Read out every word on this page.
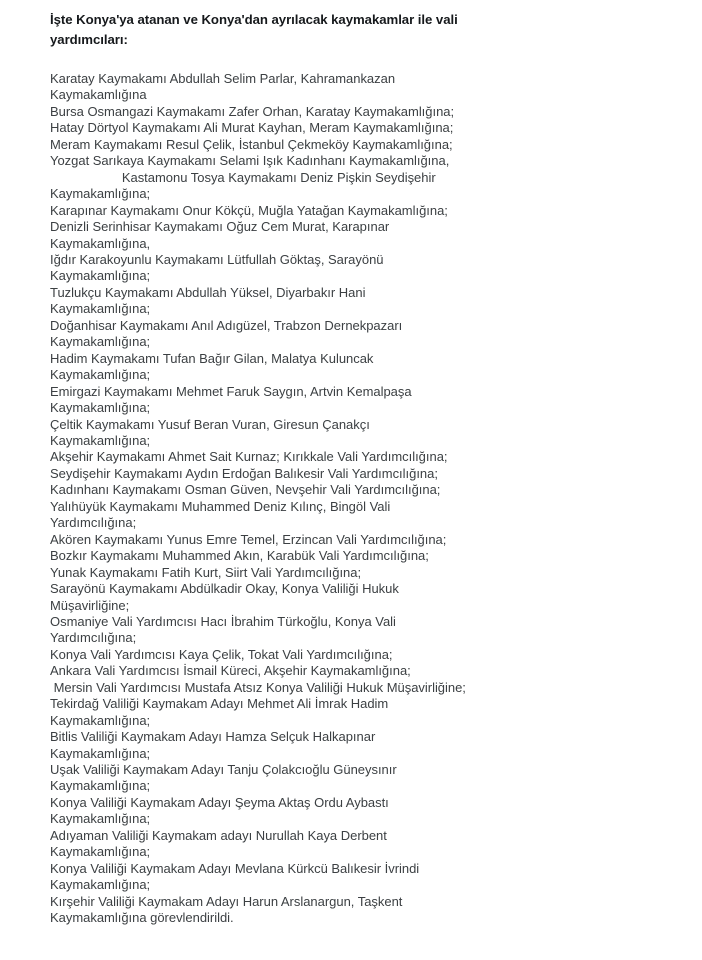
İşte Konya'ya atanan ve Konya'dan ayrılacak kaymakamlar ile vali yardımcıları:
Karatay Kaymakamı Abdullah Selim Parlar, Kahramankazan
Kaymakamlığına
Bursa Osmangazi Kaymakamı Zafer Orhan, Karatay Kaymakamlığına;
Hatay Dörtyol Kaymakamı Ali Murat Kayhan, Meram Kaymakamlığına;
Meram Kaymakamı Resul Çelik, İstanbul Çekmeköy Kaymakamlığına;
Yozgat Sarıkaya Kaymakamı Selami Işık Kadınhanı Kaymakamlığına,
Kastamonu Tosya Kaymakamı Deniz Pişkin Seydişehir
Kaymakamlığına;
Karapınar Kaymakamı Onur Kökçü, Muğla Yatağan Kaymakamlığına;
Denizli Serinhisar Kaymakamı Oğuz Cem Murat, Karapınar
Kaymakamlığına,
Iğdır Karakoyunlu Kaymakamı Lütfullah Göktaş, Sarayönü
Kaymakamlığına;
Tuzlukçu Kaymakamı Abdullah Yüksel, Diyarbakır Hani
Kaymakamlığına;
Doğanhisar Kaymakamı Anıl Adıgüzel, Trabzon Dernekpazarı
Kaymakamlığına;
Hadim Kaymakamı Tufan Bağır Gilan, Malatya Kuluncak
Kaymakamlığına;
Emirgazi Kaymakamı Mehmet Faruk Saygın, Artvin Kemalpaşa
Kaymakamlığına;
Çeltik Kaymakamı Yusuf Beran Vuran, Giresun Çanakçı
Kaymakamlığına;
Akşehir Kaymakamı Ahmet Sait Kurnaz; Kırıkkale Vali Yardımcılığına;
Seydişehir Kaymakamı Aydın Erdoğan Balıkesir Vali Yardımcılığına;
Kadınhanı Kaymakamı Osman Güven, Nevşehir Vali Yardımcılığına;
Yalıhüyük Kaymakamı Muhammed Deniz Kılınç, Bingöl Vali
Yardımcılığına;
Akören Kaymakamı Yunus Emre Temel, Erzincan Vali Yardımcılığına;
Bozkır Kaymakamı Muhammed Akın, Karabük Vali Yardımcılığına;
Yunak Kaymakamı Fatih Kurt, Siirt Vali Yardımcılığına;
Sarayönü Kaymakamı Abdülkadir Okay, Konya Valiliği Hukuk
Müşavirliğine;
Osmaniye Vali Yardımcısı Hacı İbrahim Türkoğlu, Konya Vali
Yardımcılığına;
Konya Vali Yardımcısı Kaya Çelik, Tokat Vali Yardımcılığına;
Ankara Vali Yardımcısı İsmail Küreci, Akşehir Kaymakamlığına;
Mersin Vali Yardımcısı Mustafa Atsız Konya Valiliği Hukuk Müşavirliğine;
Tekirdağ Valiliği Kaymakam Adayı Mehmet Ali İmrak Hadim
Kaymakamlığına;
Bitlis Valiliği Kaymakam Adayı Hamza Selçuk Halkapınar
Kaymakamlığına;
Uşak Valiliği Kaymakam Adayı Tanju Çolakcıoğlu Güneysınır
Kaymakamlığına;
Konya Valiliği Kaymakam Adayı Şeyma Aktaş Ordu Aybastı
Kaymakamlığına;
Adıyaman Valiliği Kaymakam adayı Nurullah Kaya Derbent
Kaymakamlığına;
Konya Valiliği Kaymakam Adayı Mevlana Kürkcü Balıkesir İvrindi
Kaymakamlığına;
Kırşehir Valiliği Kaymakam Adayı Harun Arslanargun, Taşkent
Kaymakamlığına görevlendirildi.
